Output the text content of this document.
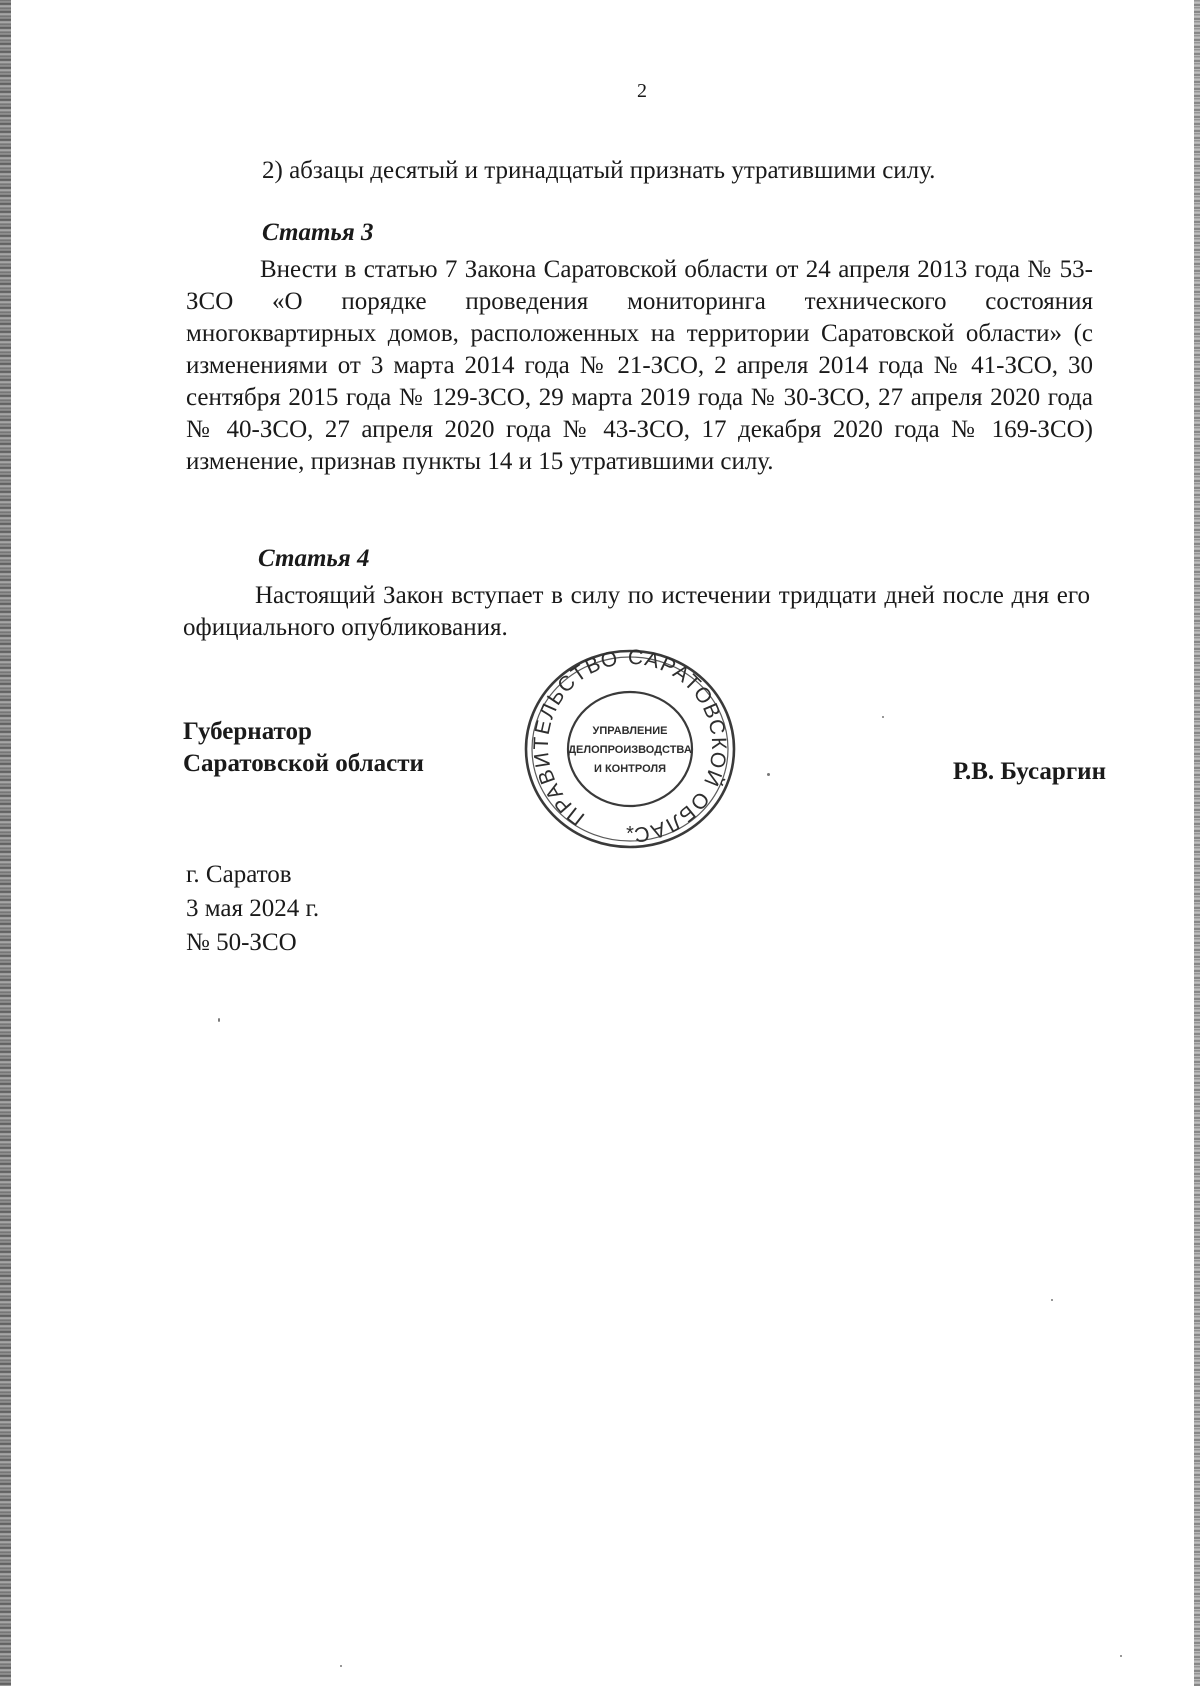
2

2) абзацы десятый и тринадцатый признать утратившими силу.

Статья 3

Внести в статью 7 Закона Саратовской области от 24 апреля 2013 года № 53-ЗСО «О порядке проведения мониторинга технического состояния многоквартирных домов, расположенных на территории Саратовской области» (с изменениями от 3 марта 2014 года № 21-ЗСО, 2 апреля 2014 года № 41-ЗСО, 30 сентября 2015 года № 129-ЗСО, 29 марта 2019 года № 30-ЗСО, 27 апреля 2020 года № 40-ЗСО, 27 апреля 2020 года № 43-ЗСО, 17 декабря 2020 года № 169-ЗСО) изменение, признав пункты 14 и 15 утратившими силу.

Статья 4

Настоящий Закон вступает в силу по истечении тридцати дней после дня его официального опубликования.

Губернатор
Саратовской области	Р.В. Бусаргин
ПРАВИТЕЛЬСТВО САРАТОВСКОЙ ОБЛАС
УПРАВЛЕНИЕ
ДЕЛОПРОИЗВОДСТВА
И КОНТРОЛЯ
*
г. Саратов
3 мая 2024 г.
№ 50-ЗСО
